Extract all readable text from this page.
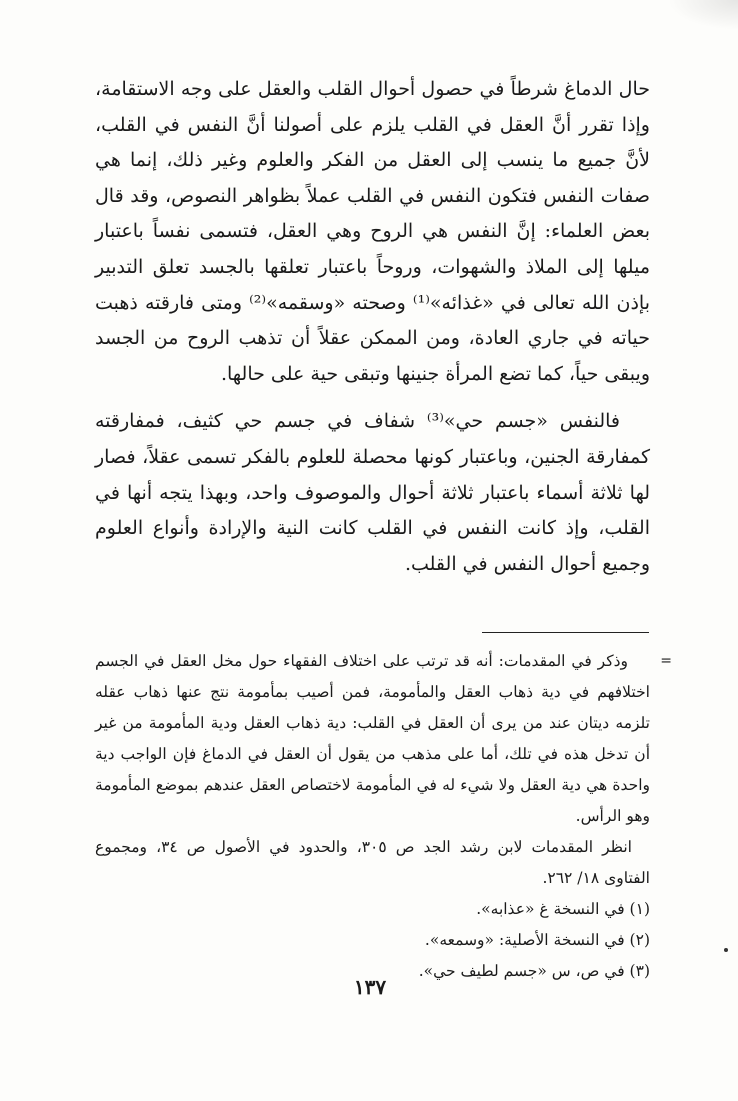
حال الدماغ شرطاً في حصول أحوال القلب والعقل على وجه الاستقامة، وإذا تقرر أنَّ العقل في القلب يلزم على أصولنا أنَّ النفس في القلب، لأنَّ جميع ما ينسب إلى العقل من الفكر والعلوم وغير ذلك، إنما هي صفات النفس فتكون النفس في القلب عملاً بظواهر النصوص، وقد قال بعض العلماء: إنَّ النفس هي الروح وهي العقل، فتسمى نفساً باعتبار ميلها إلى الملاذ والشهوات، وروحاً باعتبار تعلقها بالجسد تعلق التدبير بإذن الله تعالى في «غذائه»⁽¹⁾ وصحته «وسقمه»⁽²⁾ ومتى فارقته ذهبت حياته في جاري العادة، ومن الممكن عقلاً أن تذهب الروح من الجسد ويبقى حياً، كما تضع المرأة جنينها وتبقى حية على حالها.

فالنفس «جسم حي»⁽³⁾ شفاف في جسم حي كثيف، فمفارقته كمفارقة الجنين، وباعتبار كونها محصلة للعلوم بالفكر تسمى عقلاً، فصار لها ثلاثة أسماء باعتبار ثلاثة أحوال والموصوف واحد، وبهذا يتجه أنها في القلب، وإذ كانت النفس في القلب كانت النية والإرادة وأنواع العلوم وجميع أحوال النفس في القلب.

=
وذكر في المقدمات: أنه قد ترتب على اختلاف الفقهاء حول مخل العقل في الجسم اختلافهم في دية ذهاب العقل والمأمومة، فمن أصيب بمأمومة نتج عنها ذهاب عقله تلزمه ديتان عند من يرى أن العقل في القلب: دية ذهاب العقل ودية المأمومة من غير أن تدخل هذه في تلك، أما على مذهب من يقول أن العقل في الدماغ فإن الواجب دية واحدة هي دية العقل ولا شيء له في المأمومة لاختصاص العقل عندهم بموضع المأمومة وهو الرأس.

انظر المقدمات لابن رشد الجد ص ٣٠٥، والحدود في الأصول ص ٣٤، ومجموع الفتاوى ١٨/ ٢٦٢.

(١) في النسخة غ «عذابه».

(٢) في النسخة الأصلية: «وسمعه».

(٣) في ص، س «جسم لطيف حي».

١٣٧
